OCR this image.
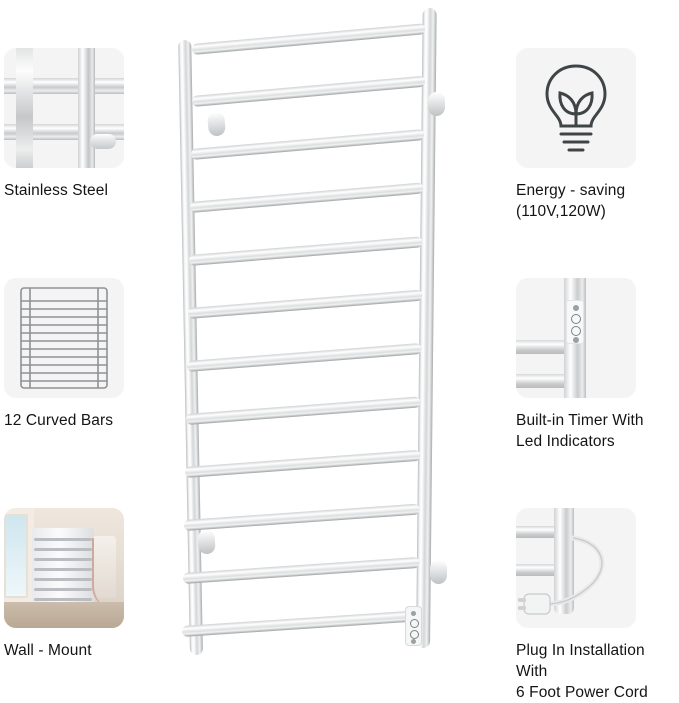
Stainless Steel
12 Curved Bars
Wall - Mount
Energy - saving
(110V,120W)
Built-in Timer With
Led Indicators
Plug In Installation With
6 Foot Power Cord
